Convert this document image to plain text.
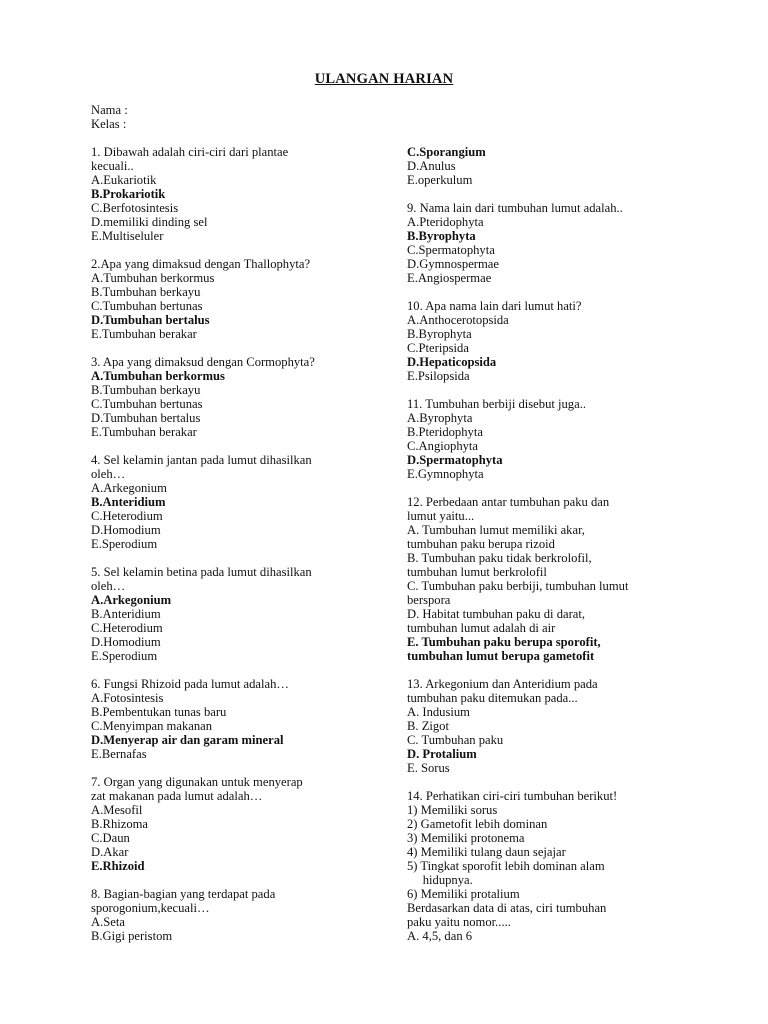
ULANGAN HARIAN
Nama :
Kelas :
1. Dibawah adalah ciri-ciri dari plantae
kecuali..
A.Eukariotik
B.Prokariotik
C.Berfotosintesis
D.memiliki dinding sel
E.Multiseluler
2.Apa yang dimaksud dengan Thallophyta?
A.Tumbuhan berkormus
B.Tumbuhan berkayu
C.Tumbuhan bertunas
D.Tumbuhan bertalus
E.Tumbuhan berakar
3. Apa yang dimaksud dengan Cormophyta?
A.Tumbuhan berkormus
B.Tumbuhan berkayu
C.Tumbuhan bertunas
D.Tumbuhan bertalus
E.Tumbuhan berakar
4. Sel kelamin jantan pada lumut dihasilkan
oleh…
A.Arkegonium
B.Anteridium
C.Heterodium
D.Homodium
E.Sperodium
5. Sel kelamin betina pada lumut dihasilkan
oleh…
A.Arkegonium
B.Anteridium
C.Heterodium
D.Homodium
E.Sperodium
6. Fungsi Rhizoid pada lumut adalah…
A.Fotosintesis
B.Pembentukan tunas baru
C.Menyimpan makanan
D.Menyerap air dan garam mineral
E.Bernafas
7. Organ yang digunakan untuk menyerap
zat makanan pada lumut adalah…
A.Mesofil
B.Rhizoma
C.Daun
D.Akar
E.Rhizoid
8. Bagian-bagian yang terdapat pada
sporogonium,kecuali…
A.Seta
B.Gigi peristom
C.Sporangium
D.Anulus
E.operkulum
9. Nama lain dari tumbuhan lumut adalah..
A.Pteridophyta
B.Byrophyta
C.Spermatophyta
D.Gymnospermae
E.Angiospermae
10. Apa nama lain dari lumut hati?
A.Anthocerotopsida
B.Byrophyta
C.Pteripsida
D.Hepaticopsida
E.Psilopsida
11. Tumbuhan berbiji disebut juga..
A.Byrophyta
B.Pteridophyta
C.Angiophyta
D.Spermatophyta
E.Gymnophyta
12. Perbedaan antar tumbuhan paku dan
lumut yaitu...
A. Tumbuhan lumut memiliki akar,
tumbuhan paku berupa rizoid
B. Tumbuhan paku tidak berkrolofil,
tumbuhan lumut berkrolofil
C. Tumbuhan paku berbiji, tumbuhan lumut
berspora
D. Habitat tumbuhan paku di darat,
tumbuhan lumut adalah di air
E. Tumbuhan paku berupa sporofit,
tumbuhan lumut berupa gametofit
13. Arkegonium dan Anteridium pada
tumbuhan paku ditemukan pada...
A. Indusium
B. Zigot
C. Tumbuhan paku
D. Protalium
E. Sorus
14. Perhatikan ciri-ciri tumbuhan berikut!
1) Memiliki sorus
2) Gametofit lebih dominan
3) Memiliki protonema
4) Memiliki tulang daun sejajar
5) Tingkat sporofit lebih dominan alam
hidupnya.
6) Memiliki protalium
Berdasarkan data di atas, ciri tumbuhan
paku yaitu nomor.....
A. 4,5, dan 6
